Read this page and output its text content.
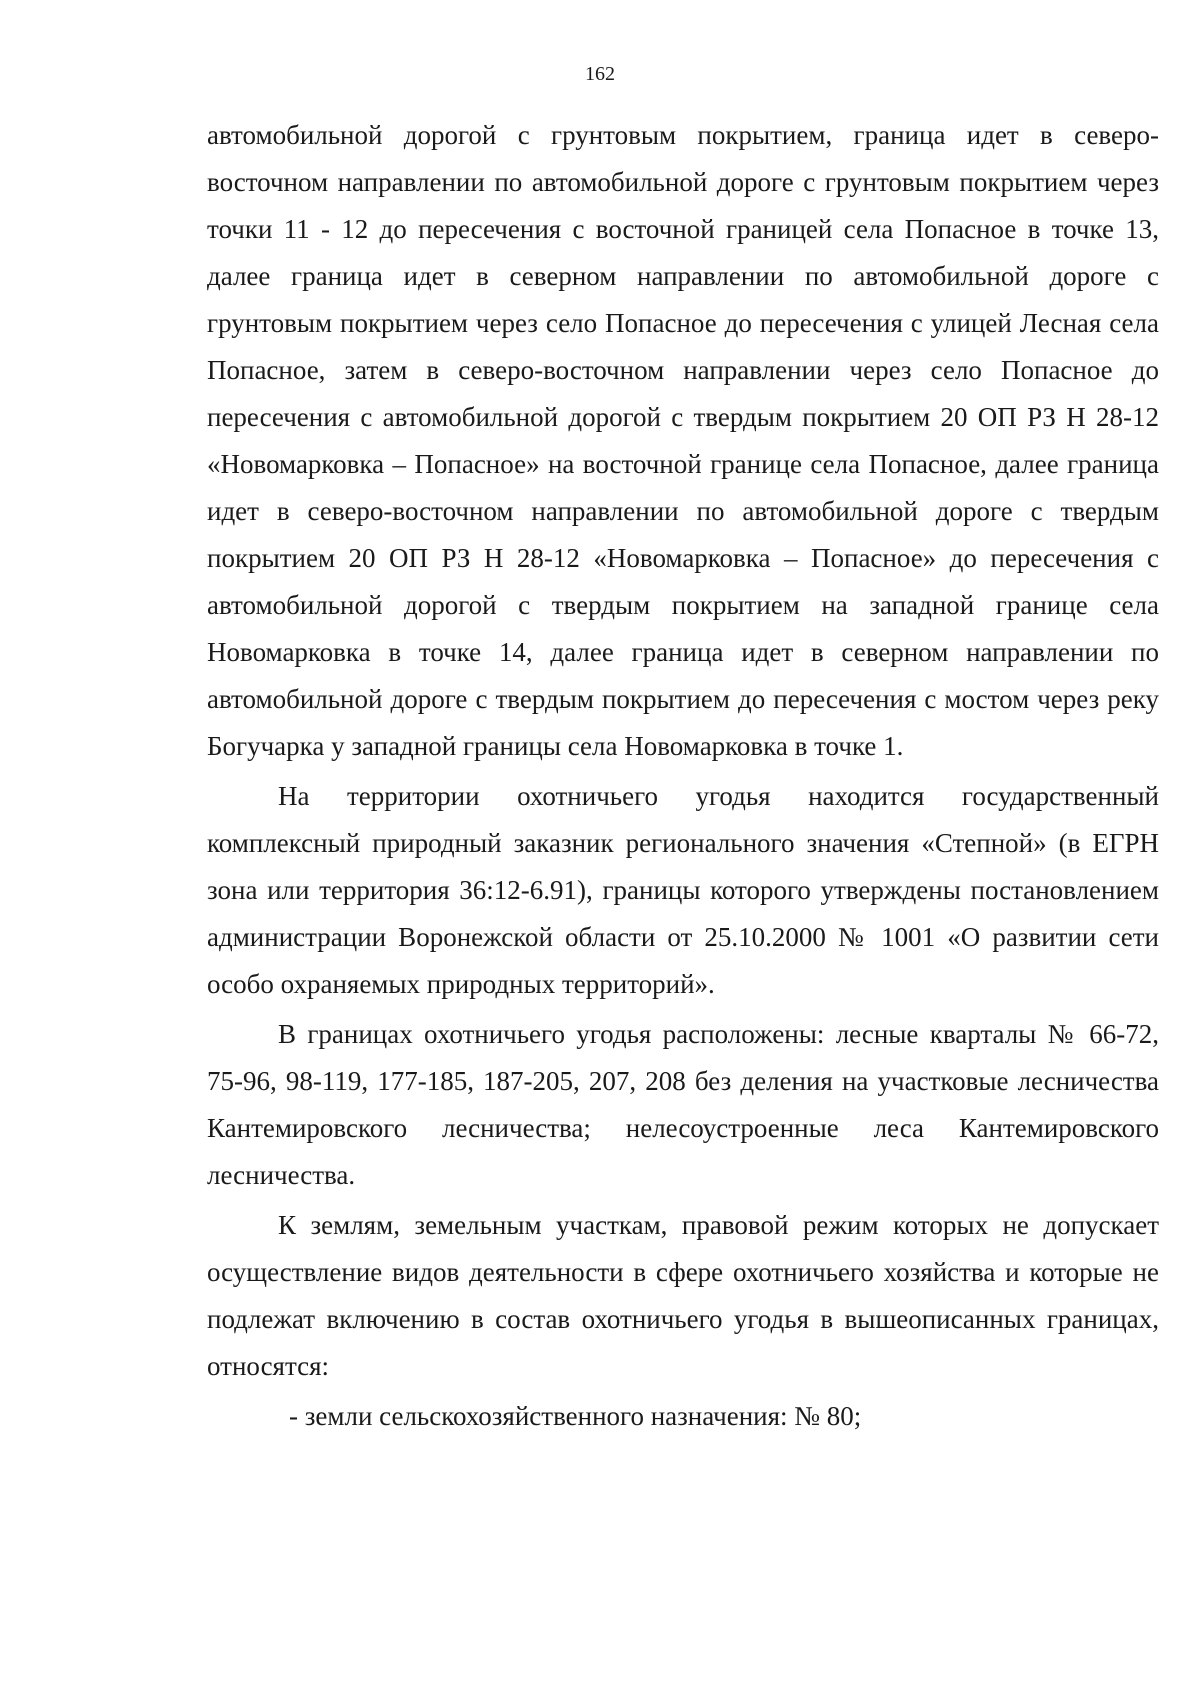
162

автомобильной дорогой с грунтовым покрытием, граница идет в северо-восточном направлении по автомобильной дороге с грунтовым покрытием через точки 11 - 12 до пересечения с восточной границей села Попасное в точке 13, далее граница идет в северном направлении по автомобильной дороге с грунтовым покрытием через село Попасное до пересечения с улицей Лесная села Попасное, затем в северо-восточном направлении через село Попасное до пересечения с автомобильной дорогой с твердым покрытием 20 ОП РЗ Н 28-12 «Новомарковка – Попасное» на восточной границе села Попасное, далее граница идет в северо-восточном направлении по автомобильной дороге с твердым покрытием 20 ОП РЗ Н 28-12 «Новомарковка – Попасное» до пересечения с автомобильной дорогой с твердым покрытием на западной границе села Новомарковка в точке 14, далее граница идет в северном направлении по автомобильной дороге с твердым покрытием до пересечения с мостом через реку Богучарка у западной границы села Новомарковка в точке 1.

На территории охотничьего угодья находится государственный комплексный природный заказник регионального значения «Степной» (в ЕГРН зона или территория 36:12-6.91), границы которого утверждены постановлением администрации Воронежской области от 25.10.2000 № 1001 «О развитии сети особо охраняемых природных территорий».

В границах охотничьего угодья расположены: лесные кварталы № 66-72, 75-96, 98-119, 177-185, 187-205, 207, 208 без деления на участковые лесничества Кантемировского лесничества; нелесоустроенные леса Кантемировского лесничества.

К землям, земельным участкам, правовой режим которых не допускает осуществление видов деятельности в сфере охотничьего хозяйства и которые не подлежат включению в состав охотничьего угодья в вышеописанных границах, относятся:

- земли сельскохозяйственного назначения: № 80;
